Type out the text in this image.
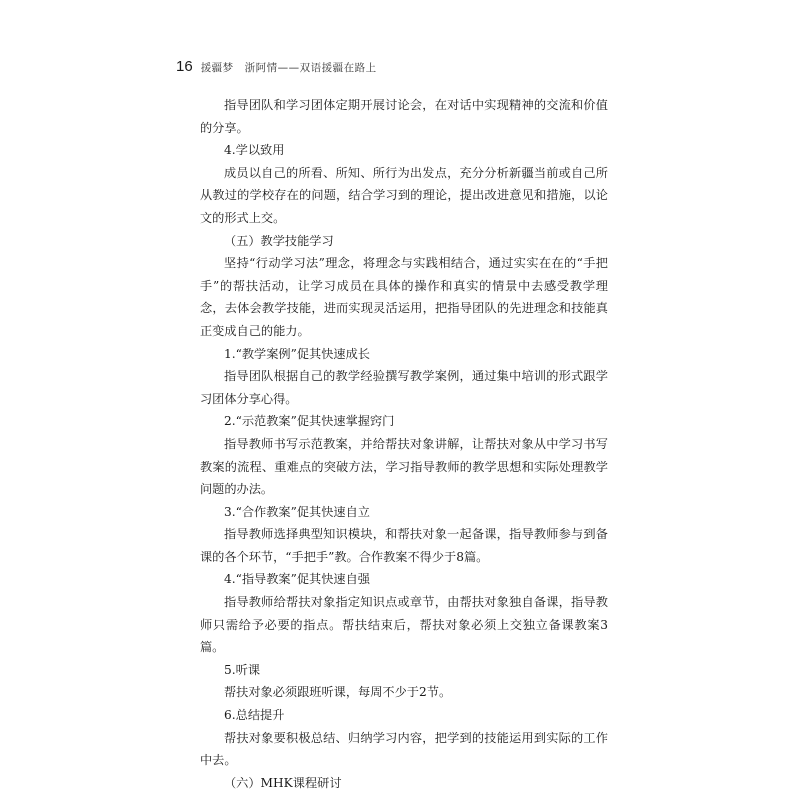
16 援疆梦　浙阿情——双语援疆在路上

指导团队和学习团体定期开展讨论会，在对话中实现精神的交流和价值的分享。

4.学以致用

成员以自己的所看、所知、所行为出发点，充分分析新疆当前或自己所从教过的学校存在的问题，结合学习到的理论，提出改进意见和措施，以论文的形式上交。

（五）教学技能学习

坚持“行动学习法”理念，将理念与实践相结合，通过实实在在的“手把手”的帮扶活动，让学习成员在具体的操作和真实的情景中去感受教学理念，去体会教学技能，进而实现灵活运用，把指导团队的先进理念和技能真正变成自己的能力。

1.“教学案例”促其快速成长

指导团队根据自己的教学经验撰写教学案例，通过集中培训的形式跟学习团体分享心得。

2.“示范教案”促其快速掌握窍门

指导教师书写示范教案，并给帮扶对象讲解，让帮扶对象从中学习书写教案的流程、重难点的突破方法，学习指导教师的教学思想和实际处理教学问题的办法。

3.“合作教案”促其快速自立

指导教师选择典型知识模块，和帮扶对象一起备课，指导教师参与到备课的各个环节，“手把手”教。合作教案不得少于8篇。

4.“指导教案”促其快速自强

指导教师给帮扶对象指定知识点或章节，由帮扶对象独自备课，指导教师只需给予必要的指点。帮扶结束后，帮扶对象必须上交独立备课教案3篇。

5.听课

帮扶对象必须跟班听课，每周不少于2节。

6.总结提升

帮扶对象要积极总结、归纳学习内容，把学到的技能运用到实际的工作中去。

（六）MHK课程研讨
